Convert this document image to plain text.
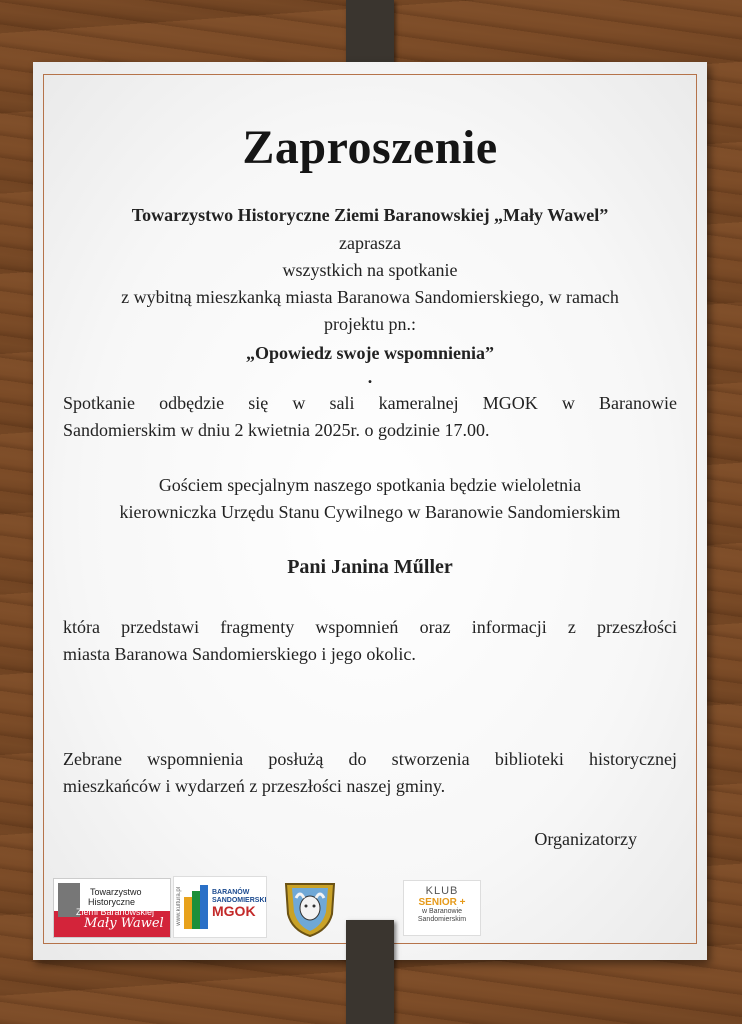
Zaproszenie
Towarzystwo Historyczne Ziemi Baranowskiej „Mały Wawel”
zaprasza
wszystkich na spotkanie
z wybitną mieszkanką miasta Baranowa Sandomierskiego, w ramach
projektu pn.:
„Opowiedz swoje wspomnienia”
.
Spotkanie odbędzie się w sali kameralnej MGOK w Baranowie
Sandomierskim w dniu 2 kwietnia 2025r. o godzinie 17.00.
Gościem specjalnym naszego spotkania będzie wieloletnia
kierowniczka Urzędu Stanu Cywilnego w Baranowie Sandomierskim
Pani Janina Műller
która przedstawi fragmenty wspomnień oraz informacji z przeszłości
miasta Baranowa Sandomierskiego i jego okolic.
Zebrane wspomnienia posłużą do stworzenia biblioteki historycznej
mieszkańców i wydarzeń z przeszłości naszej gminy.
Organizatorzy
Towarzystwo
Historyczne
Ziemi Baranowskiej
Mały Wawel www.kultura.pl	BARANÓW SANDOMIERSKI
MGOK
KLUB
SENIOR +
w Baranowie
Sandomierskim
